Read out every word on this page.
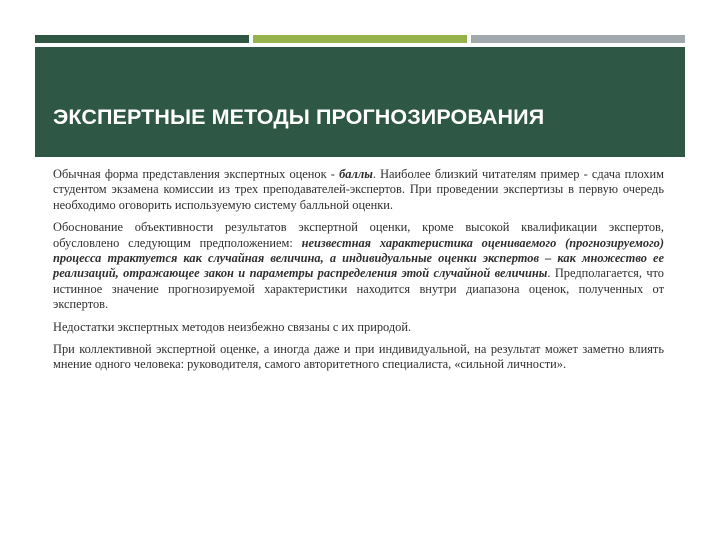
ЭКСПЕРТНЫЕ МЕТОДЫ ПРОГНОЗИРОВАНИЯ

Обычная форма представления экспертных оценок - баллы. Наиболее близкий читателям пример - сдача плохим студентом экзамена комиссии из трех преподавателей-экспертов. При проведении экспертизы в первую очередь необходимо оговорить используемую систему балльной оценки.

Обоснование объективности результатов экспертной оценки, кроме высокой квалификации экспертов, обусловлено следующим предположением: неизвестная характеристика оцениваемого (прогнозируемого) процесса трактуется как случайная величина, а индивидуальные оценки экспертов – как множество ее реализаций, отражающее закон и параметры распределения этой случайной величины. Предполагается, что истинное значение прогнозируемой характеристики находится внутри диапазона оценок, полученных от экспертов.

Недостатки экспертных методов неизбежно связаны с их природой.

При коллективной экспертной оценке, а иногда даже и при индивидуальной, на результат может заметно влиять мнение одного человека: руководителя, самого авторитетного специалиста, «сильной личности».
